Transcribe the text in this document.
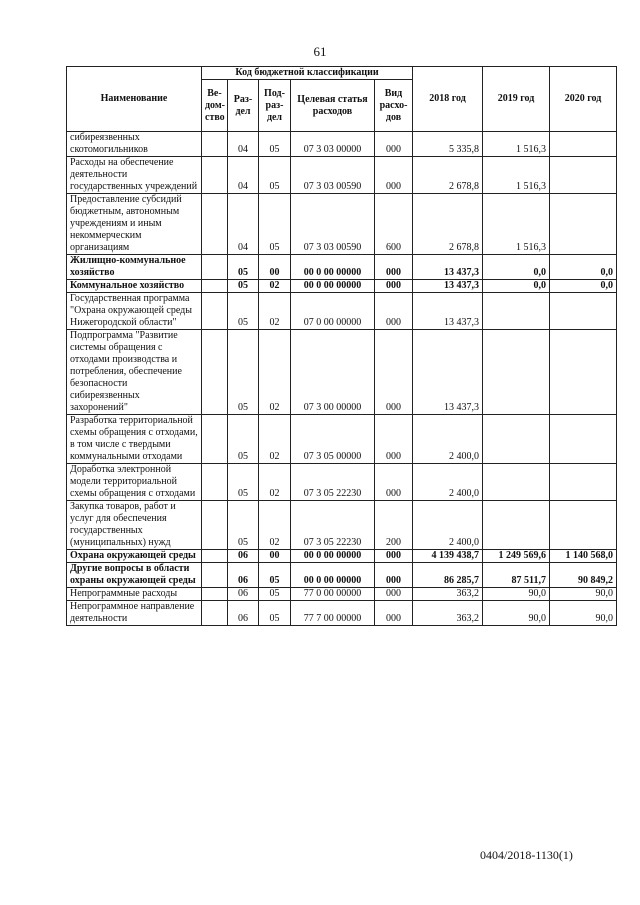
61
Наименование	Код бюджетной классификации					2018 год	2019 год	2020 год
	Ве-дом-ство	Раз-дел	Под-раз-дел	Целевая статья расходов	Вид расхо-дов			
сибиреязвенных скотомогильников		04	05	07 3 03 00000	000	5 335,8	1 516,3	
Расходы на обеспечение деятельности государственных учреждений		04	05	07 3 03 00590	000	2 678,8	1 516,3	
Предоставление субсидий бюджетным, автономным учреждениям и иным некоммерческим организациям		04	05	07 3 03 00590	600	2 678,8	1 516,3	
Жилищно-коммунальное хозяйство		05	00	00 0 00 00000	000	13 437,3	0,0	0,0
Коммунальное хозяйство		05	02	00 0 00 00000	000	13 437,3	0,0	0,0
Государственная программа "Охрана окружающей среды Нижегородской области"		05	02	07 0 00 00000	000	13 437,3		
Подпрограмма "Развитие системы обращения с отходами производства и потребления, обеспечение безопасности сибиреязвенных захоронений"		05	02	07 3 00 00000	000	13 437,3		
Разработка территориальной схемы обращения с отходами, в том числе с твердыми коммунальными отходами		05	02	07 3 05 00000	000	2 400,0		
Доработка электронной модели территориальной схемы обращения с отходами		05	02	07 3 05 22230	000	2 400,0		
Закупка товаров, работ и услуг для обеспечения государственных (муниципальных) нужд		05	02	07 3 05 22230	200	2 400,0		
Охрана окружающей среды		06	00	00 0 00 00000	000	4 139 438,7	1 249 569,6	1 140 568,0
Другие вопросы в области охраны окружающей среды		06	05	00 0 00 00000	000	86 285,7	87 511,7	90 849,2
Непрограммные расходы		06	05	77 0 00 00000	000	363,2	90,0	90,0
Непрограммное направление деятельности		06	05	77 7 00 00000	000	363,2	90,0	90,0
0404/2018-1130(1)
